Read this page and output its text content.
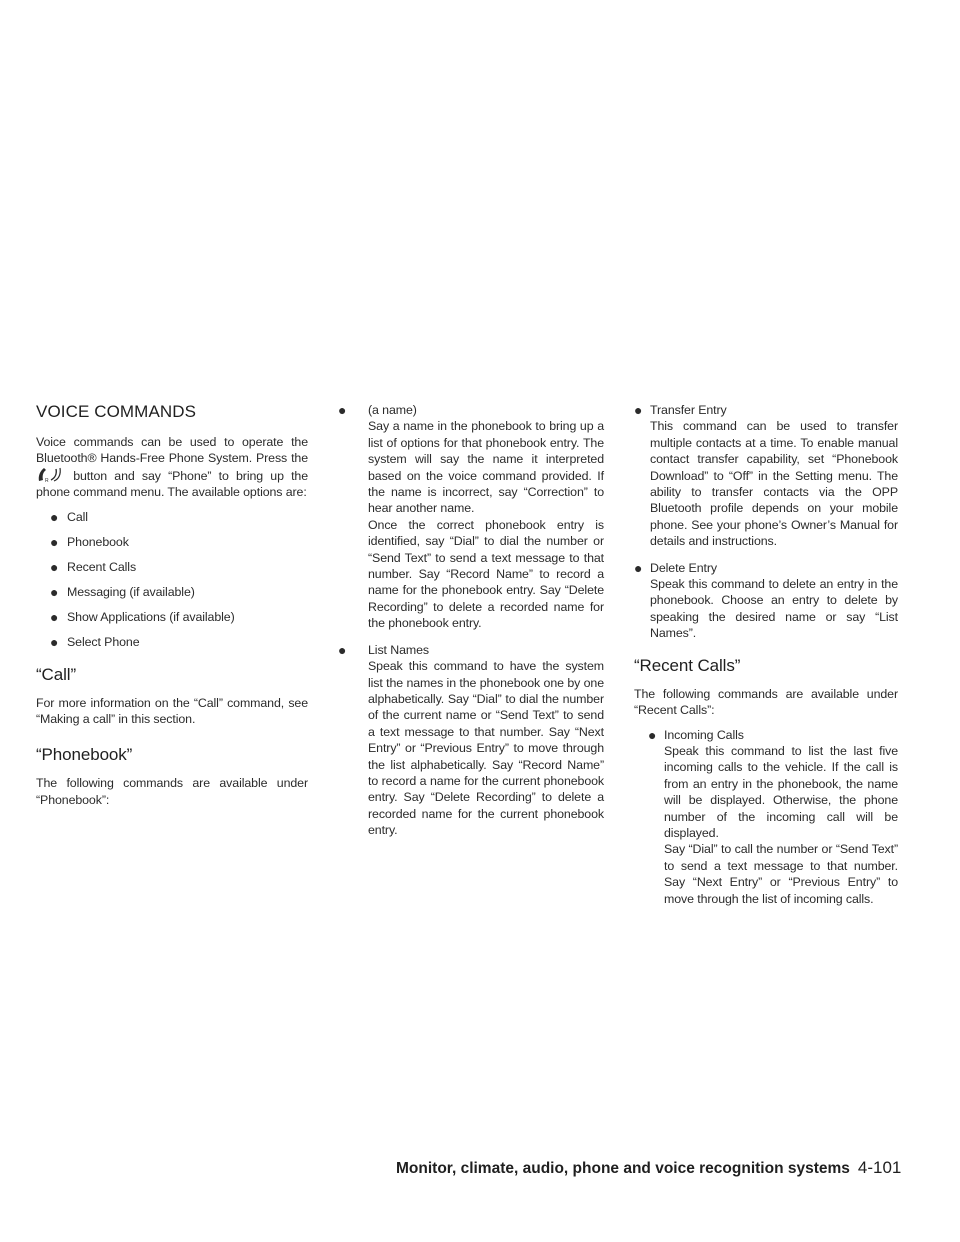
VOICE COMMANDS

Voice commands can be used to operate the Bluetooth® Hands-Free Phone System. Press the
R button and say “Phone” to bring up the phone command menu. The available options are:

● Call
● Phonebook
● Recent Calls
● Messaging (if available)
● Show Applications (if available)
● Select Phone
“Call”

For more information on the “Call” command, see “Making a call” in this section.

“Phonebook”

The following commands are available under “Phonebook”:

● (a name)
Say a name in the phonebook to bring up a list of options for that phonebook entry. The system will say the name it interpreted based on the voice command provided. If the name is incorrect, say “Correction” to hear another name.
Once the correct phonebook entry is identified, say “Dial” to dial the number or “Send Text” to send a text message to that number. Say “Record Name” to record a name for the phonebook entry. Say “Delete Recording” to delete a recorded name for the phonebook entry.
● List Names
Speak this command to have the system list the names in the phonebook one by one alphabetically. Say “Dial” to dial the number of the current name or “Send Text” to send a text message to that number. Say “Next Entry” or “Previous Entry” to move through the list alphabetically. Say “Record Name” to record a name for the current phonebook entry. Say “Delete Recording” to delete a recorded name for the current phonebook entry.
● Transfer Entry
This command can be used to transfer multiple contacts at a time. To enable manual contact transfer capability, set “Phonebook Download” to “Off” in the Setting menu. The ability to transfer contacts via the OPP Bluetooth profile depends on your mobile phone. See your phone’s Owner’s Manual for details and instructions.
● Delete Entry
Speak this command to delete an entry in the phonebook. Choose an entry to delete by speaking the desired name or say “List Names”.
“Recent Calls”

The following commands are available under “Recent Calls”:

● Incoming Calls
Speak this command to list the last five incoming calls to the vehicle. If the call is from an entry in the phonebook, the name will be displayed. Otherwise, the phone number of the incoming call will be displayed.
Say “Dial” to call the number or “Send Text” to send a text message to that number. Say “Next Entry” or “Previous Entry” to move through the list of incoming calls.
Monitor, climate, audio, phone and voice recognition systems 4-101
